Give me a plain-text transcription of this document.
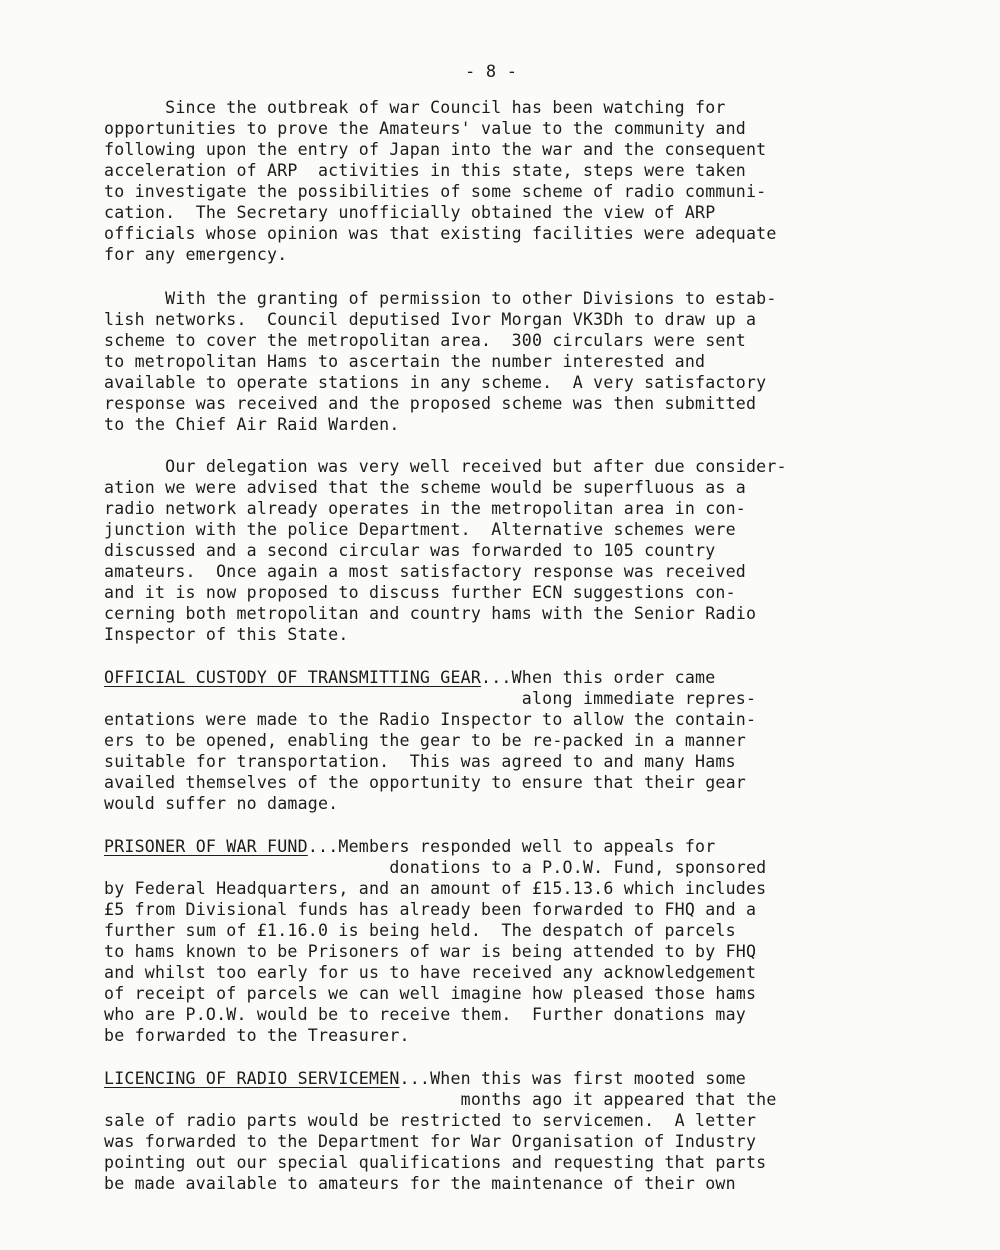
- 8 -
Since the outbreak of war Council has been watching for
opportunities to prove the Amateurs' value to the community and
following upon the entry of Japan into the war and the consequent
acceleration of ARP  activities in this state, steps were taken
to investigate the possibilities of some scheme of radio communi-
cation.  The Secretary unofficially obtained the view of ARP
officials whose opinion was that existing facilities were adequate
for any emergency.
With the granting of permission to other Divisions to estab-
lish networks.  Council deputised Ivor Morgan VK3Dh to draw up a
scheme to cover the metropolitan area.  300 circulars were sent
to metropolitan Hams to ascertain the number interested and
available to operate stations in any scheme.  A very satisfactory
response was received and the proposed scheme was then submitted
to the Chief Air Raid Warden.
Our delegation was very well received but after due consider-
ation we were advised that the scheme would be superfluous as a
radio network already operates in the metropolitan area in con-
junction with the police Department.  Alternative schemes were
discussed and a second circular was forwarded to 105 country
amateurs.  Once again a most satisfactory response was received
and it is now proposed to discuss further ECN suggestions con-
cerning both metropolitan and country hams with the Senior Radio
Inspector of this State.
OFFICIAL CUSTODY OF TRANSMITTING GEAR...When this order came
along immediate repres-
entations were made to the Radio Inspector to allow the contain-
ers to be opened, enabling the gear to be re-packed in a manner
suitable for transportation.  This was agreed to and many Hams
availed themselves of the opportunity to ensure that their gear
would suffer no damage.
PRISONER OF WAR FUND...Members responded well to appeals for
donations to a P.O.W. Fund, sponsored
by Federal Headquarters, and an amount of £15.13.6 which includes
£5 from Divisional funds has already been forwarded to FHQ and a
further sum of £1.16.0 is being held.  The despatch of parcels
to hams known to be Prisoners of war is being attended to by FHQ
and whilst too early for us to have received any acknowledgement
of receipt of parcels we can well imagine how pleased those hams
who are P.O.W. would be to receive them.  Further donations may
be forwarded to the Treasurer.
LICENCING OF RADIO SERVICEMEN...When this was first mooted some
months ago it appeared that the
sale of radio parts would be restricted to servicemen.  A letter
was forwarded to the Department for War Organisation of Industry
pointing out our special qualifications and requesting that parts
be made available to amateurs for the maintenance of their own
